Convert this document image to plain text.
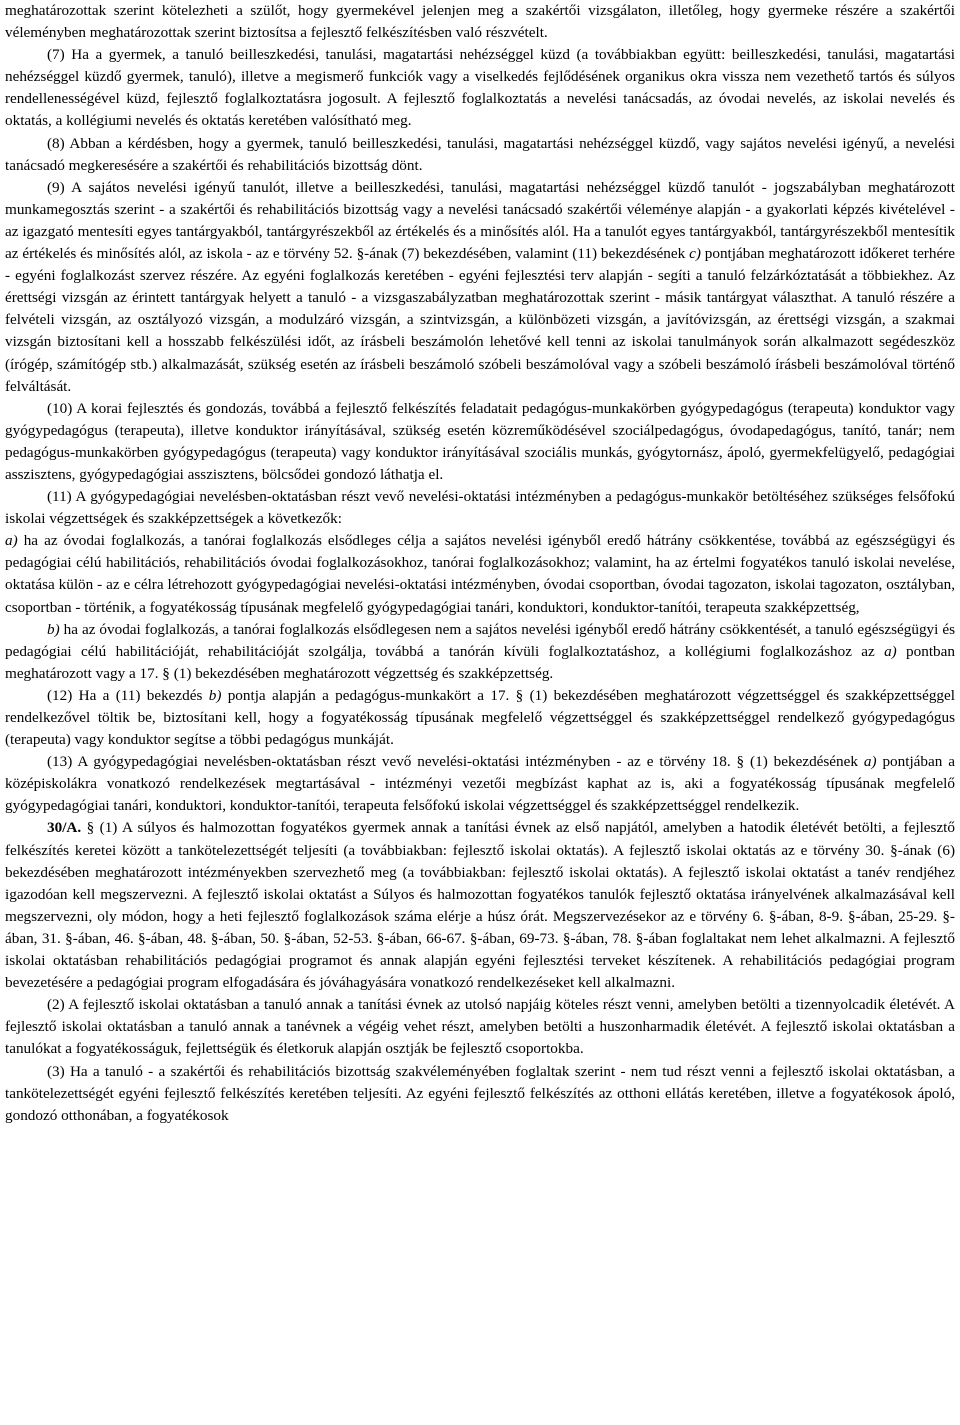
meghatározottak szerint kötelezheti a szülőt, hogy gyermekével jelenjen meg a szakértői vizsgálaton, illetőleg, hogy gyermeke részére a szakértői véleményben meghatározottak szerint biztosítsa a fejlesztő felkészítésben való részvételt.

(7) Ha a gyermek, a tanuló beilleszkedési, tanulási, magatartási nehézséggel küzd (a továbbiakban együtt: beilleszkedési, tanulási, magatartási nehézséggel küzdő gyermek, tanuló), illetve a megismerő funkciók vagy a viselkedés fejlődésének organikus okra vissza nem vezethető tartós és súlyos rendellenességével küzd, fejlesztő foglalkoztatásra jogosult. A fejlesztő foglalkoztatás a nevelési tanácsadás, az óvodai nevelés, az iskolai nevelés és oktatás, a kollégiumi nevelés és oktatás keretében valósítható meg.

(8) Abban a kérdésben, hogy a gyermek, tanuló beilleszkedési, tanulási, magatartási nehézséggel küzdő, vagy sajátos nevelési igényű, a nevelési tanácsadó megkeresésére a szakértői és rehabilitációs bizottság dönt.

(9) A sajátos nevelési igényű tanulót, illetve a beilleszkedési, tanulási, magatartási nehézséggel küzdő tanulót - jogszabályban meghatározott munkamegosztás szerint - a szakértői és rehabilitációs bizottság vagy a nevelési tanácsadó szakértői véleménye alapján - a gyakorlati képzés kivételével - az igazgató mentesíti egyes tantárgyakból, tantárgyrészekből az értékelés és a minősítés alól. Ha a tanulót egyes tantárgyakból, tantárgyrészekből mentesítik az értékelés és minősítés alól, az iskola - az e törvény 52. §-ának (7) bekezdésében, valamint (11) bekezdésének c) pontjában meghatározott időkeret terhére - egyéni foglalkozást szervez részére. Az egyéni foglalkozás keretében - egyéni fejlesztési terv alapján - segíti a tanuló felzárkóztatását a többiekhez. Az érettségi vizsgán az érintett tantárgyak helyett a tanuló - a vizsgaszabályzatban meghatározottak szerint - másik tantárgyat választhat. A tanuló részére a felvételi vizsgán, az osztályozó vizsgán, a modulzáró vizsgán, a szintvizsgán, a különbözeti vizsgán, a javítóvizsgán, az érettségi vizsgán, a szakmai vizsgán biztosítani kell a hosszabb felkészülési időt, az írásbeli beszámolón lehetővé kell tenni az iskolai tanulmányok során alkalmazott segédeszköz (írógép, számítógép stb.) alkalmazását, szükség esetén az írásbeli beszámoló szóbeli beszámolóval vagy a szóbeli beszámoló írásbeli beszámolóval történő felváltását.

(10) A korai fejlesztés és gondozás, továbbá a fejlesztő felkészítés feladatait pedagógus-munkakörben gyógypedagógus (terapeuta) konduktor vagy gyógypedagógus (terapeuta), illetve konduktor irányításával, szükség esetén közreműködésével szociálpedagógus, óvodapedagógus, tanító, tanár; nem pedagógus-munkakörben gyógypedagógus (terapeuta) vagy konduktor irányításával szociális munkás, gyógytornász, ápoló, gyermekfelügyelő, pedagógiai asszisztens, gyógypedagógiai asszisztens, bölcsődei gondozó láthatja el.

(11) A gyógypedagógiai nevelésben-oktatásban részt vevő nevelési-oktatási intézményben a pedagógus-munkakör betöltéséhez szükséges felsőfokú iskolai végzettségek és szakképzettségek a következők:

a) ha az óvodai foglalkozás, a tanórai foglalkozás elsődleges célja a sajátos nevelési igényből eredő hátrány csökkentése, továbbá az egészségügyi és pedagógiai célú habilitációs, rehabilitációs óvodai foglalkozásokhoz, tanórai foglalkozásokhoz; valamint, ha az értelmi fogyatékos tanuló iskolai nevelése, oktatása külön - az e célra létrehozott gyógypedagógiai nevelési-oktatási intézményben, óvodai csoportban, óvodai tagozaton, iskolai tagozaton, osztályban, csoportban - történik, a fogyatékosság típusának megfelelő gyógypedagógiai tanári, konduktori, konduktor-tanítói, terapeuta szakképzettség,

b) ha az óvodai foglalkozás, a tanórai foglalkozás elsődlegesen nem a sajátos nevelési igényből eredő hátrány csökkentését, a tanuló egészségügyi és pedagógiai célú habilitációját, rehabilitációját szolgálja, továbbá a tanórán kívüli foglalkoztatáshoz, a kollégiumi foglalkozáshoz az a) pontban meghatározott vagy a 17. § (1) bekezdésében meghatározott végzettség és szakképzettség.

(12) Ha a (11) bekezdés b) pontja alapján a pedagógus-munkakört a 17. § (1) bekezdésében meghatározott végzettséggel és szakképzettséggel rendelkezővel töltik be, biztosítani kell, hogy a fogyatékosság típusának megfelelő végzettséggel és szakképzettséggel rendelkező gyógypedagógus (terapeuta) vagy konduktor segítse a többi pedagógus munkáját.

(13) A gyógypedagógiai nevelésben-oktatásban részt vevő nevelési-oktatási intézményben - az e törvény 18. § (1) bekezdésének a) pontjában a középiskolákra vonatkozó rendelkezések megtartásával - intézményi vezetői megbízást kaphat az is, aki a fogyatékosság típusának megfelelő gyógypedagógiai tanári, konduktori, konduktor-tanítói, terapeuta felsőfokú iskolai végzettséggel és szakképzettséggel rendelkezik.

30/A. § (1) A súlyos és halmozottan fogyatékos gyermek annak a tanítási évnek az első napjától, amelyben a hatodik életévét betölti, a fejlesztő felkészítés keretei között a tankötelezettségét teljesíti (a továbbiakban: fejlesztő iskolai oktatás). A fejlesztő iskolai oktatás az e törvény 30. §-ának (6) bekezdésében meghatározott intézményekben szervezhető meg (a továbbiakban: fejlesztő iskolai oktatás). A fejlesztő iskolai oktatást a tanév rendjéhez igazodóan kell megszervezni. A fejlesztő iskolai oktatást a Súlyos és halmozottan fogyatékos tanulók fejlesztő oktatása irányelvének alkalmazásával kell megszervezni, oly módon, hogy a heti fejlesztő foglalkozások száma elérje a húsz órát. Megszervezésekor az e törvény 6. §-ában, 8-9. §-ában, 25-29. §-ában, 31. §-ában, 46. §-ában, 48. §-ában, 50. §-ában, 52-53. §-ában, 66-67. §-ában, 69-73. §-ában, 78. §-ában foglaltakat nem lehet alkalmazni. A fejlesztő iskolai oktatásban rehabilitációs pedagógiai programot és annak alapján egyéni fejlesztési terveket készítenek. A rehabilitációs pedagógiai program bevezetésére a pedagógiai program elfogadására és jóváhagyására vonatkozó rendelkezéseket kell alkalmazni.

(2) A fejlesztő iskolai oktatásban a tanuló annak a tanítási évnek az utolsó napjáig köteles részt venni, amelyben betölti a tizennyolcadik életévét. A fejlesztő iskolai oktatásban a tanuló annak a tanévnek a végéig vehet részt, amelyben betölti a huszonharmadik életévét. A fejlesztő iskolai oktatásban a tanulókat a fogyatékosságuk, fejlettségük és életkoruk alapján osztják be fejlesztő csoportokba.

(3) Ha a tanuló - a szakértői és rehabilitációs bizottság szakvéleményében foglaltak szerint - nem tud részt venni a fejlesztő iskolai oktatásban, a tankötelezettségét egyéni fejlesztő felkészítés keretében teljesíti. Az egyéni fejlesztő felkészítés az otthoni ellátás keretében, illetve a fogyatékosok ápoló, gondozó otthonában, a fogyatékosok
